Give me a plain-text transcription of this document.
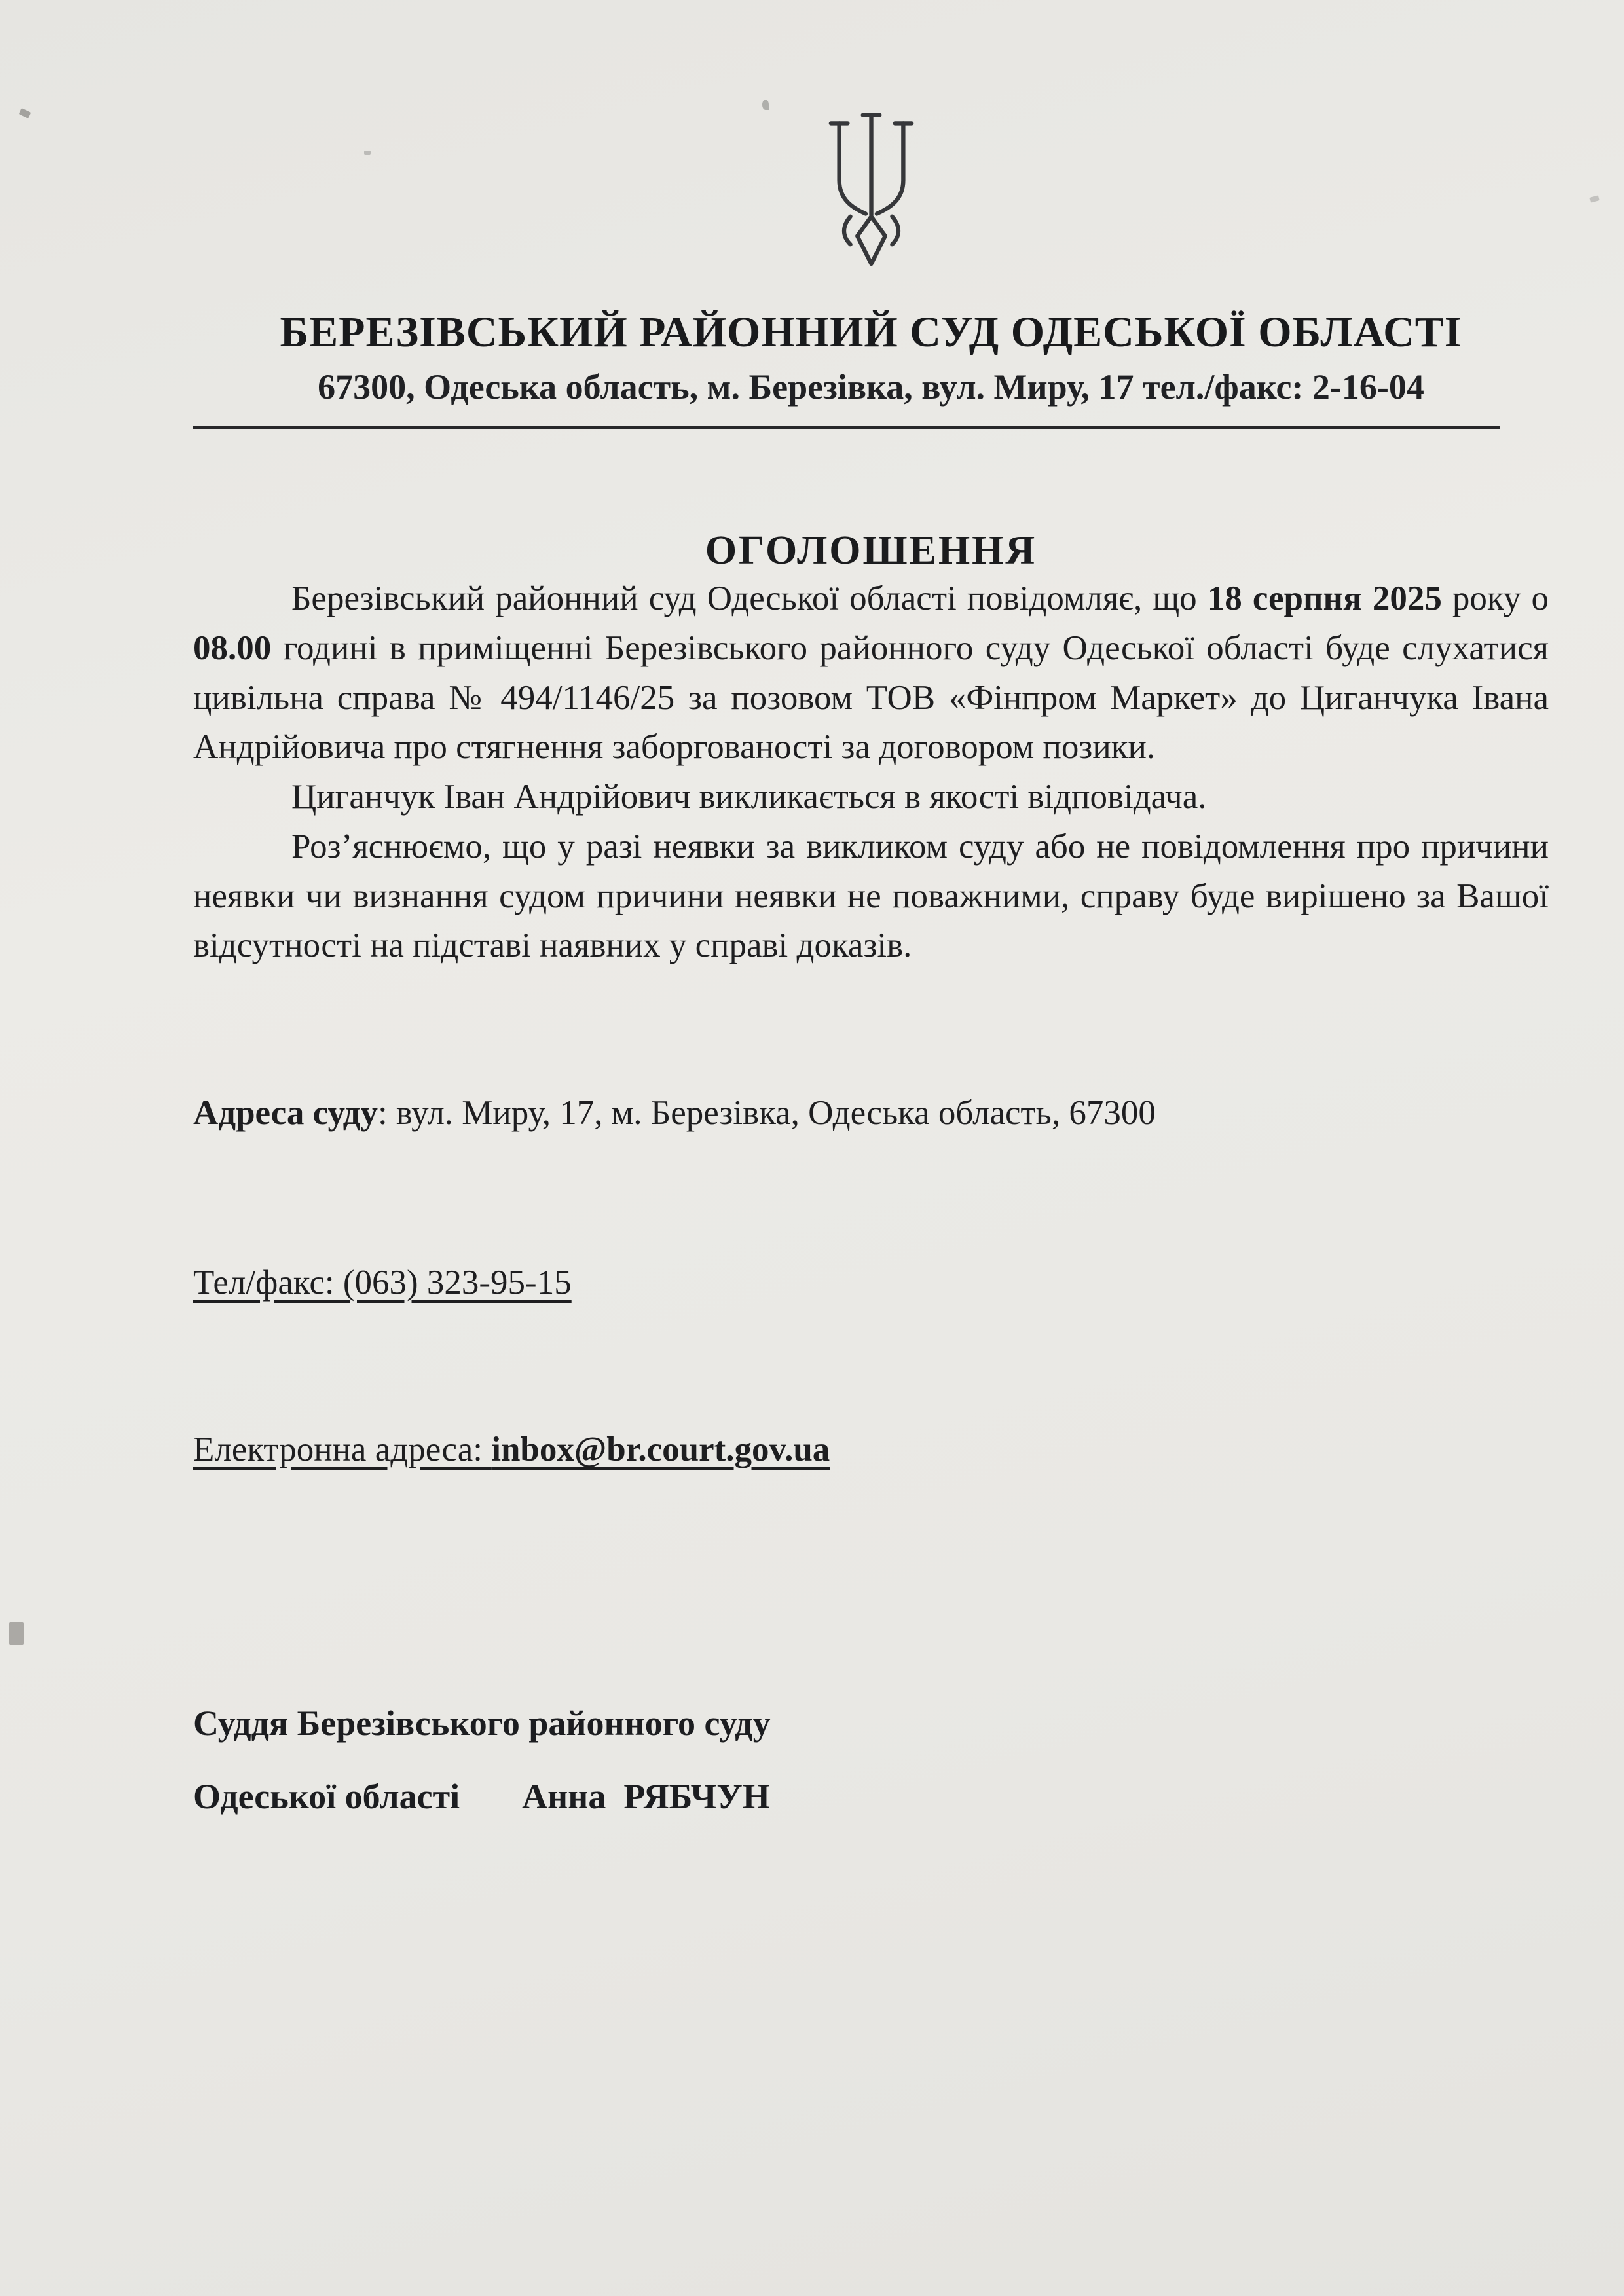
БЕРЕЗІВСЬКИЙ РАЙОННИЙ СУД ОДЕСЬКОЇ ОБЛАСТІ
67300, Одеська область, м. Березівка, вул. Миру, 17 тел./факс: 2-16-04
ОГОЛОШЕННЯ

Березівський районний суд Одеської області повідомляє, що 18 серпня 2025 року о 08.00 годині в приміщенні Березівського районного суду Одеської області буде слухатися цивільна справа № 494/1146/25 за позовом ТОВ «Фінпром Маркет» до Циганчука Івана Андрійовича про стягнення заборгованості за договором позики.

Циганчук Іван Андрійович викликається в якості відповідача.

Роз’яснюємо, що у разі неявки за викликом суду або не повідомлення про причини неявки чи визнання судом причини неявки не поважними, справу буде вирішено за Вашої відсутності на підставі наявних у справі доказів.

Адреса суду: вул. Миру, 17, м. Березівка, Одеська область, 67300

Тел/факс: (063) 323-95-15

Електронна адреса: inbox@br.court.gov.ua

Суддя Березівського районного суду
Одеської області Анна  РЯБЧУН
